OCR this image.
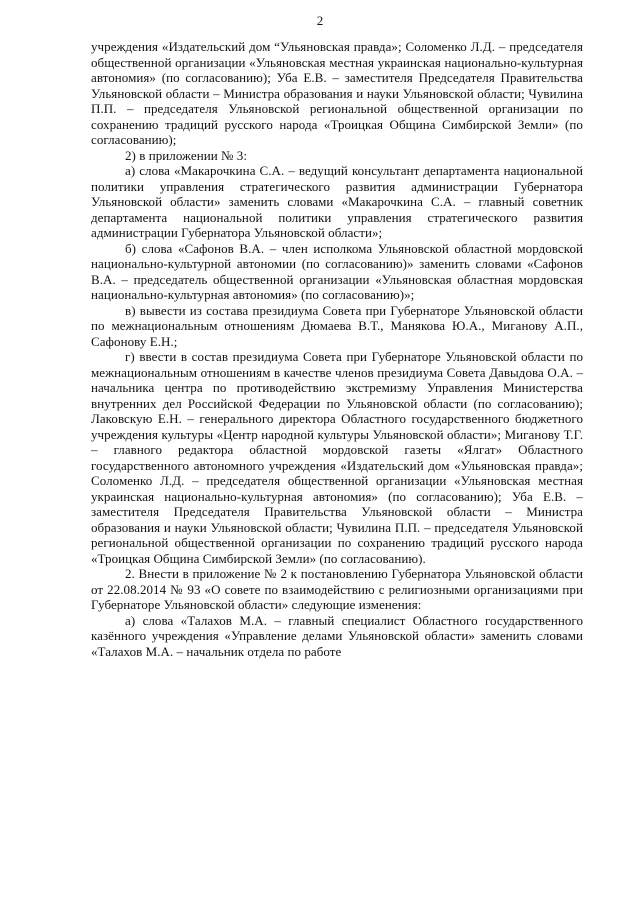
2

учреждения «Издательский дом “Ульяновская правда»; Соломенко Л.Д. – председателя общественной организации «Ульяновская местная украинская национально-культурная автономия» (по согласованию); Уба Е.В. – заместителя Председателя Правительства Ульяновской области – Министра образования и науки Ульяновской области; Чувилина П.П. – председателя Ульяновской региональной общественной организации по сохранению традиций русского народа «Троицкая Община Симбирской Земли» (по согласованию);

2) в приложении № 3:

а) слова «Макарочкина С.А. – ведущий консультант департамента национальной политики управления стратегического развития администрации Губернатора Ульяновской области» заменить словами «Макарочкина С.А. – главный советник департамента национальной политики управления стратегического развития администрации Губернатора Ульяновской области»;

б) слова «Сафонов В.А. – член исполкома Ульяновской областной мордовской национально-культурной автономии (по согласованию)» заменить словами «Сафонов В.А. – председатель общественной организации «Ульяновская областная мордовская национально-культурная автономия» (по согласованию)»;

в) вывести из состава президиума Совета при Губернаторе Ульяновской области по межнациональным отношениям Дюмаева В.Т., Манякова Ю.А., Миганову А.П., Сафонову Е.Н.;

г) ввести в состав президиума Совета при Губернаторе Ульяновской области по межнациональным отношениям в качестве членов президиума Совета Давыдова О.А. – начальника центра по противодействию экстремизму Управления Министерства внутренних дел Российской Федерации по Ульяновской области (по согласованию); Лаковскую Е.Н. – генерального директора Областного государственного бюджетного учреждения культуры «Центр народной культуры Ульяновской области»; Миганову Т.Г. – главного редактора областной мордовской газеты «Ялгат» Областного государственного автономного учреждения «Издательский дом «Ульяновская правда»; Соломенко Л.Д. – председателя общественной организации «Ульяновская местная украинская национально-культурная автономия» (по согласованию); Уба Е.В. – заместителя Председателя Правительства Ульяновской области – Министра образования и науки Ульяновской области; Чувилина П.П. – председателя Ульяновской региональной общественной организации по сохранению традиций русского народа «Троицкая Община Симбирской Земли» (по согласованию).

2. Внести в приложение № 2 к постановлению Губернатора Ульяновской области от 22.08.2014 № 93 «О совете по взаимодействию с религиозными организациями при Губернаторе Ульяновской области» следующие изменения:

а) слова «Талахов М.А. – главный специалист Областного государственного казённого учреждения «Управление делами Ульяновской области» заменить словами «Талахов М.А. – начальник отдела по работе
